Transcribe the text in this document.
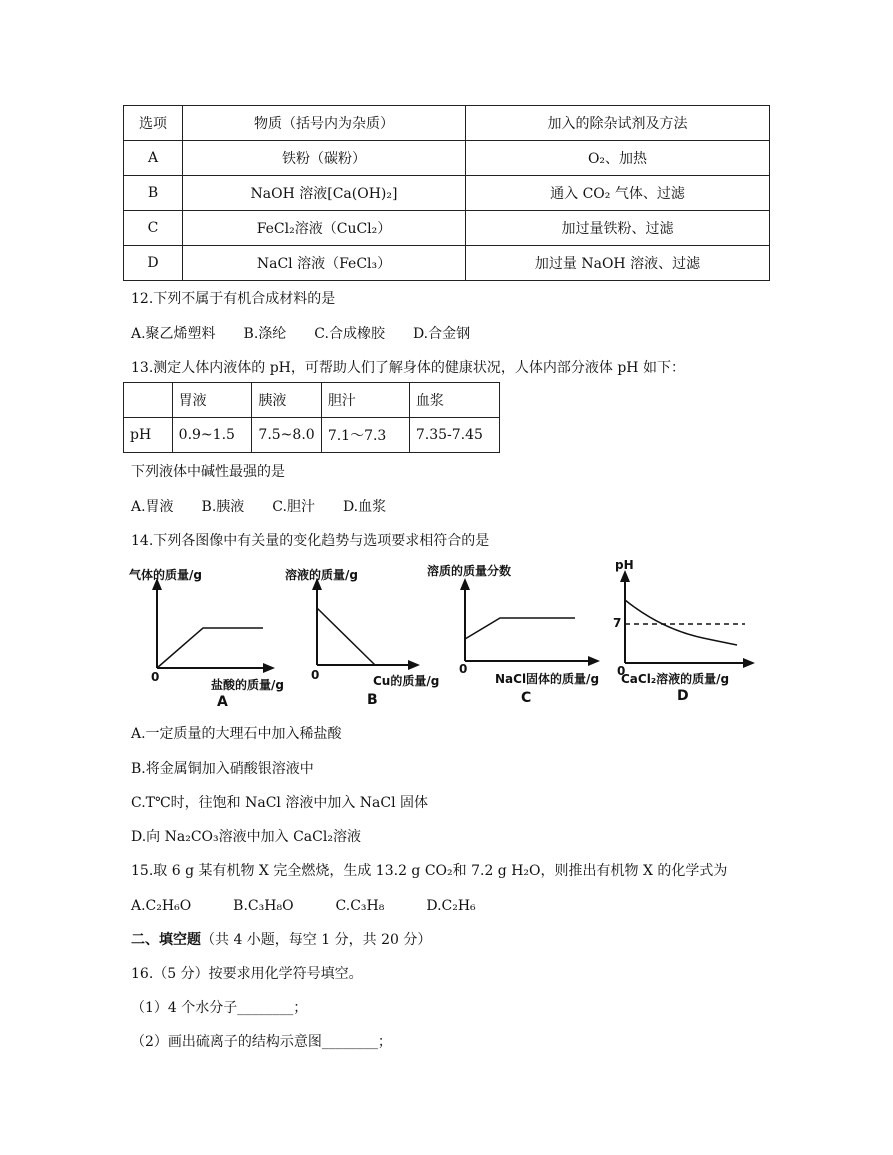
选项	物质（括号内为杂质）	加入的除杂试剂及方法
A	铁粉（碳粉）	O₂、加热
B	NaOH 溶液[Ca(OH)₂]	通入 CO₂ 气体、过滤
C	FeCl₂溶液（CuCl₂）	加过量铁粉、过滤
D	NaCl 溶液（FeCl₃）	加过量 NaOH 溶液、过滤
12.下列不属于有机合成材料的是
A.聚乙烯塑料　　B.涤纶　　C.合成橡胶　　D.合金钢
13.测定人体内液体的 pH，可帮助人们了解身体的健康状况，人体内部分液体 pH 如下：
	胃液	胰液	胆汁	血浆
pH	0.9~1.5	7.5~8.0	7.1～7.3	7.35-7.45
下列液体中碱性最强的是
A.胃液　　B.胰液　　C.胆汁　　D.血浆
14.下列各图像中有关量的变化趋势与选项要求相符合的是
气体的质量/g
0
盐酸的质量/g
A
溶液的质量/g
0	Cu的质量/g
B
溶质的质量分数
0
NaCl固体的质量/g
C
pH
7
0
CaCl₂溶液的质量/g
D
A.一定质量的大理石中加入稀盐酸
B.将金属铜加入硝酸银溶液中
C.T℃时，往饱和 NaCl 溶液中加入 NaCl 固体
D.向 Na₂CO₃溶液中加入 CaCl₂溶液
15.取 6 g 某有机物 X 完全燃烧，生成 13.2 g CO₂和 7.2 g H₂O，则推出有机物 X 的化学式为
A.C₂H₆O　　　B.C₃H₈O　　　C.C₃H₈　　　D.C₂H₆
二、填空题（共 4 小题，每空 1 分，共 20 分）
16.（5 分）按要求用化学符号填空。
（1）4 个水分子________；
（2）画出硫离子的结构示意图________；
